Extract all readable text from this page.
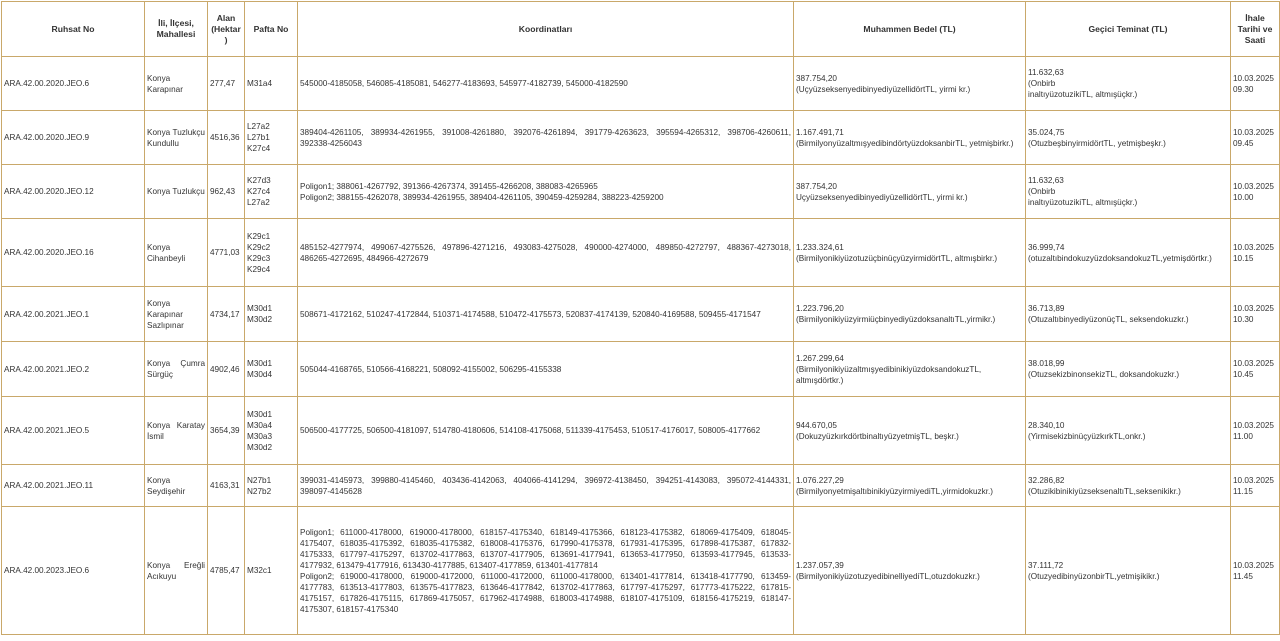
Ruhsat No	İli, İlçesi, Mahallesi	Alan (Hektar)	Pafta No	Koordinatları	Muhammen Bedel (TL)	Geçici Teminat (TL)	İhale Tarihi ve Saati
ARA.42.00.2020.JEO.6	Konya Karapınar	277,47	M31a4	545000-4185058, 546085-4185081, 546277-4183693, 545977-4182739, 545000-4182590	387.754,20
(UçyüzseksenyedibinyediyüzellidörtTL, yirmi kr.)	11.632,63
(Onbirb
inaltıyüzotuzikiTL, altmışüçkr.)	10.03.2025
09.30

ARA.42.00.2020.JEO.9	Konya Tuzlukçu Kundullu	4516,36	L27a2
L27b1
K27c4	389404-4261105, 389934-4261955, 391008-4261880, 392076-4261894, 391779-4263623, 395594-4265312, 398706-4260611, 392338-4256043	1.167.491,71
(BirmilyonyüzaltmışyedibindörtyüzdoksanbirTL, yetmişbirkr.)	35.024,75
(OtuzbeşbinyirmidörtTL, yetmişbeşkr.)	10.03.2025
09.45

ARA.42.00.2020.JEO.12	Konya Tuzlukçu	962,43	K27d3
K27c4
L27a2	Poligon1; 388061-4267792, 391366-4267374, 391455-4266208, 388083-4265965
Poligon2; 388155-4262078, 389934-4261955, 389404-4261105, 390459-4259284, 388223-4259200	387.754,20
UçyüzseksenyedibinyediyüzellidörtTL, yirmi kr.)	11.632,63
(Onbirb
inaltıyüzotuzikiTL, altmışüçkr.)	10.03.2025
10.00

ARA.42.00.2020.JEO.16	Konya Cihanbeyli	4771,03	K29c1
K29c2
K29c3
K29c4	485152-4277974, 499067-4275526, 497896-4271216, 493083-4275028, 490000-4274000, 489850-4272797, 488367-4273018, 486265-4272695, 484966-4272679	1.233.324,61
(BirmilyonikiyüzotuzüçbinüçyüzyirmidörtTL, altmışbirkr.)	36.999,74
(otuzaltıbindokuzyüzdoksandokuzTL,yetmişdörtkr.)	10.03.2025
10.15

ARA.42.00.2021.JEO.1	Konya Karapınar Sazlıpınar	4734,17	M30d1
M30d2	508671-4172162, 510247-4172844, 510371-4174588, 510472-4175573, 520837-4174139, 520840-4169588, 509455-4171547	1.223.796,20
(BirmilyonikiyüzyirmiüçbinyediyüzdoksanaltıTL,yirmikr.)	36.713,89
(OtuzaltıbinyediyüzonüçTL, seksendokuzkr.)	10.03.2025
10.30

ARA.42.00.2021.JEO.2	Konya Çumra Sürgüç	4902,46	M30d1
M30d4	505044-4168765, 510566-4168221, 508092-4155002, 506295-4155338	1.267.299,64
(BirmilyonikiyüzaltmışyedibinikiyüzdoksandokuzTL, altmışdörtkr.)	38.018,99
(OtuzsekizbinonsekizTL, doksandokuzkr.)	10.03.2025
10.45

ARA.42.00.2021.JEO.5	Konya Karatay İsmil	3654,39	M30d1
M30a4
M30a3
M30d2	506500-4177725, 506500-4181097, 514780-4180606, 514108-4175068, 511339-4175453, 510517-4176017, 508005-4177662	944.670,05
(DokuzyüzkırkdörtbinaltıyüzyetmişTL, beşkr.)	28.340,10
(YirmisekizbinüçyüzkırkTL,onkr.)	10.03.2025
11.00

ARA.42.00.2021.JEO.11	Konya Seydişehir	4163,31	N27b1
N27b2	399031-4145973, 399880-4145460, 403436-4142063, 404066-4141294, 396972-4138450, 394251-4143083, 395072-4144331, 398097-4145628	1.076.227,29
(BirmilyonyetmişaltıbinikiyüzyirmiyediTL,yirmidokuzkr.)	32.286,82
(OtuzikibinikiyüzseksenaltıTL,seksenikikr.)	10.03.2025
11.15

ARA.42.00.2023.JEO.6	Konya Ereğli Acıkuyu	4785,47	M32c1	Poligon1; 611000-4178000, 619000-4178000, 618157-4175340, 618149-4175366, 618123-4175382, 618069-4175409, 618045-4175407, 618035-4175392, 618035-4175382, 618008-4175376, 617990-4175378, 617931-4175395, 617898-4175387, 617832-4175333, 617797-4175297, 613702-4177863, 613707-4177905, 613691-4177941, 613653-4177950, 613593-4177945, 613533-4177932, 613479-4177916, 613430-4177885, 613407-4177859, 613401-4177814
Poligon2; 619000-4178000, 619000-4172000, 611000-4172000, 611000-4178000, 613401-4177814, 613418-4177790, 613459-4177783, 613513-4177803, 613575-4177823, 613646-4177842, 613702-4177863, 617797-4175297, 617773-4175222, 617815-4175157, 617826-4175115, 617869-4175057, 617962-4174988, 618003-4174988, 618107-4175109, 618156-4175219, 618147-4175307, 618157-4175340	1.237.057,39
(BirmilyonikiyüzotuzyedibinelliyediTL,otuzdokuzkr.)	37.111,72
(OtuzyedibinyüzonbirTL,yetmişikikr.)	10.03.2025
11.45
